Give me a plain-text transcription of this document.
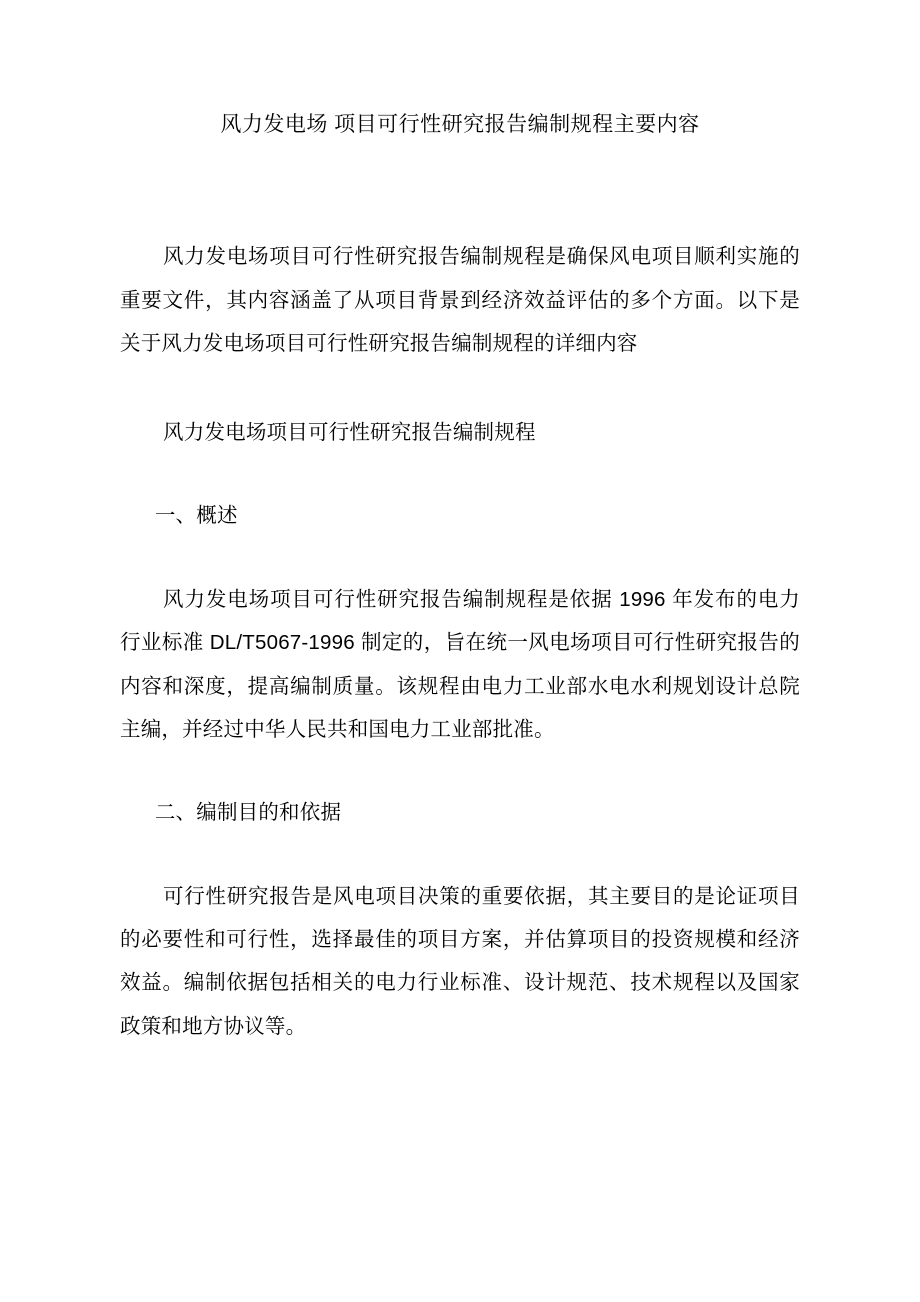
风力发电场 项目可行性研究报告编制规程主要内容

风力发电场项目可行性研究报告编制规程是确保风电项目顺利实施的重要文件，其内容涵盖了从项目背景到经济效益评估的多个方面。以下是关于风力发电场项目可行性研究报告编制规程的详细内容

风力发电场项目可行性研究报告编制规程

一、概述

风力发电场项目可行性研究报告编制规程是依据 1996 年发布的电力行业标准 DL/T5067-1996 制定的，旨在统一风电场项目可行性研究报告的内容和深度，提高编制质量。该规程由电力工业部水电水利规划设计总院主编，并经过中华人民共和国电力工业部批准。

二、编制目的和依据

可行性研究报告是风电项目决策的重要依据，其主要目的是论证项目的必要性和可行性，选择最佳的项目方案，并估算项目的投资规模和经济效益。编制依据包括相关的电力行业标准、设计规范、技术规程以及国家政策和地方协议等。
